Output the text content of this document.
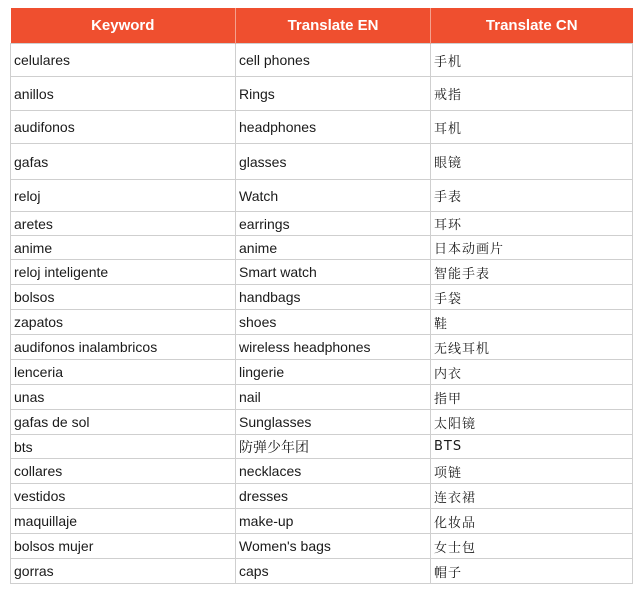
Keyword	Translate EN	Translate CN
celulares	cell phones	手机
anillos	Rings	戒指
audifonos	headphones	耳机
gafas	glasses	眼镜
reloj	Watch	手表
aretes	earrings	耳环
anime	anime	日本动画片
reloj inteligente	Smart watch	智能手表
bolsos	handbags	手袋
zapatos	shoes	鞋
audifonos inalambricos	wireless headphones	无线耳机
lenceria	lingerie	内衣
unas	nail	指甲
gafas de sol	Sunglasses	太阳镜
bts	防弹少年团	BTS
collares	necklaces	项链
vestidos	dresses	连衣裙
maquillaje	make-up	化妆品
bolsos mujer	Women's bags	女士包
gorras	caps	帽子
